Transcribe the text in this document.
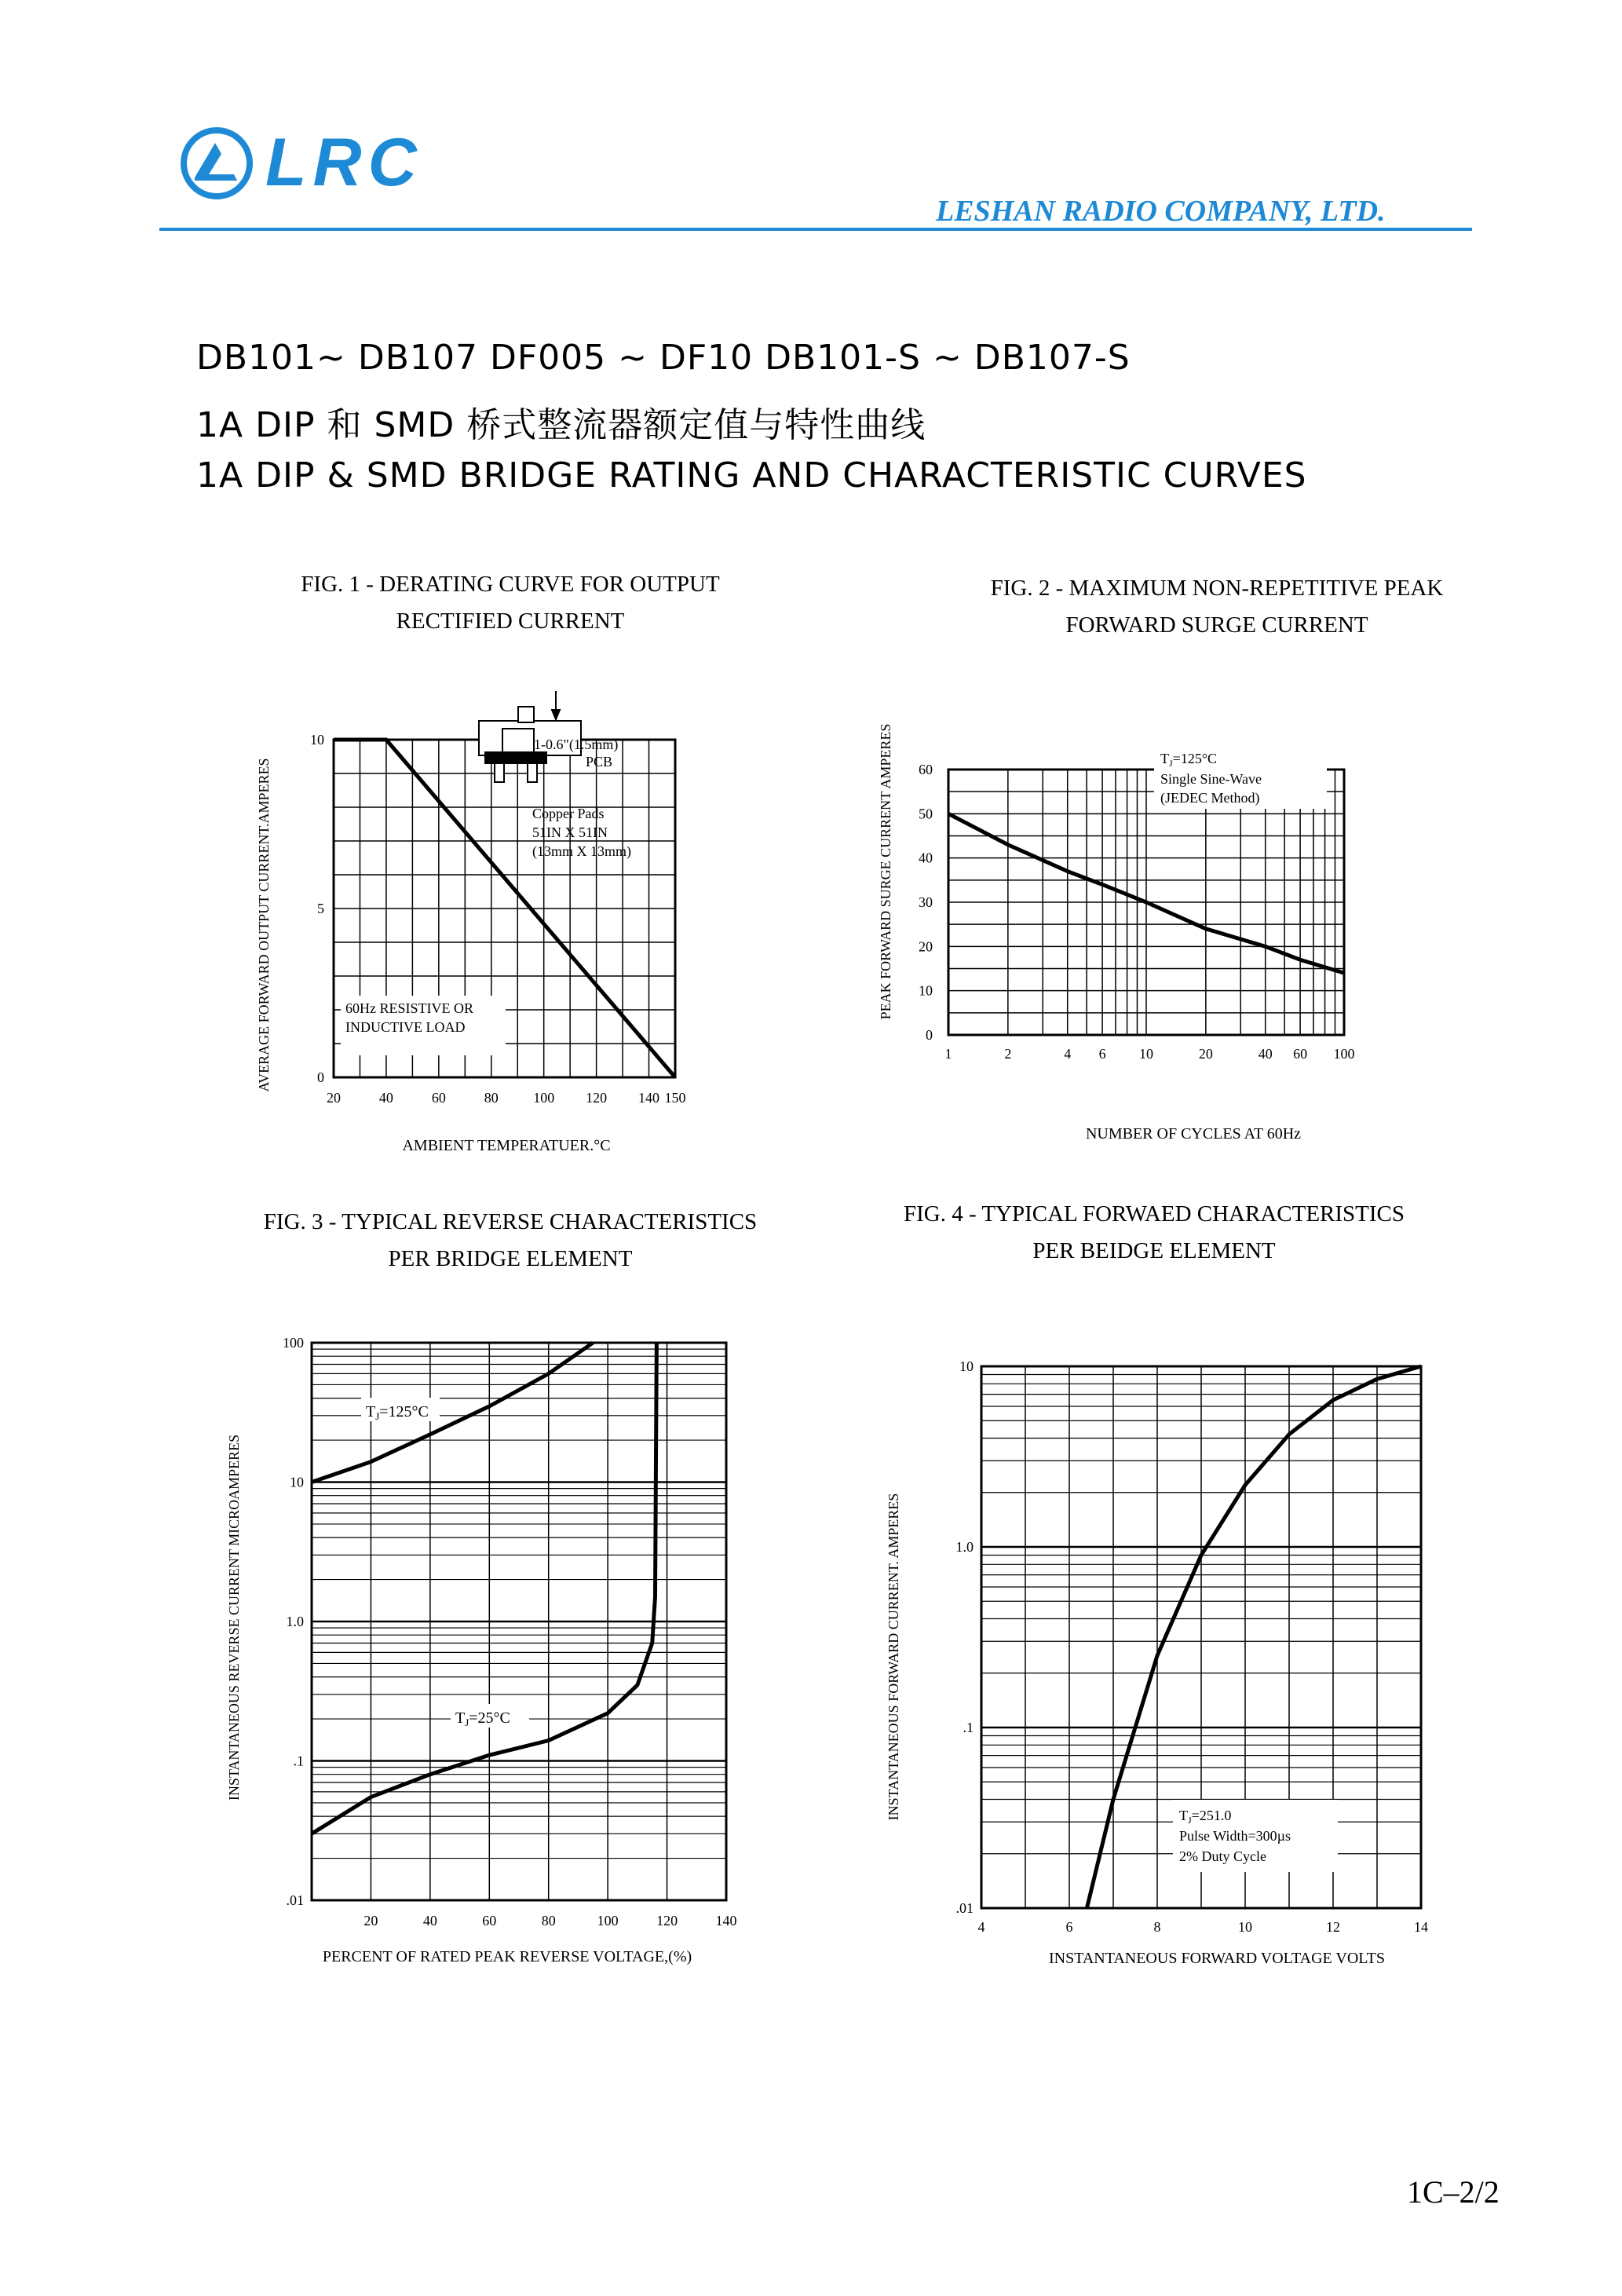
LRC
LESHAN RADIO COMPANY, LTD.
DB101~ DB107 DF005 ~ DF10 DB101-S ~ DB107-S
1A DIP 和 SMD 桥式整流器额定值与特性曲线
1A DIP & SMD BRIDGE RATING AND CHARACTERISTIC CURVES
FIG. 1 - DERATING CURVE FOR OUTPUT
RECTIFIED CURRENT
20	40	60	80 100 120 140 150
0
5
10
AVERAGE FORWARD OUTPUT CURRENT.AMPERES
AMBIENT TEMPERATUER.°C
1-0.6"(1.5mm)
PCB
Copper Pads
51IN X 51IN
(13mm X 13mm)
60Hz RESISTIVE OR
INDUCTIVE LOAD
FIG. 2 - MAXIMUM NON-REPETITIVE PEAK
FORWARD SURGE CURRENT
1	2	4 6 10	20	40 60 100
0
10
20
30
40
50
60
PEAK FORWARD SURGE CURRENT AMPERES
NUMBER OF CYCLES AT 60Hz
$T_J=125^\circ C$
Single Sine-Wave
(JEDEC Method)
FIG. 3 - TYPICAL REVERSE CHARACTERISTICS
PER BRIDGE ELEMENT
20	40	60	80	100	120	140
.01
.1
1.0
10
100
INSTANTANEOUS REVERSE CURRENT MICROAMPERES
PERCENT OF RATED PEAK REVERSE VOLTAGE,(%)
$T_J=125^\circ C$
$T_J=25^\circ C$
FIG. 4 - TYPICAL FORWAED CHARACTERISTICS
PER BEIDGE ELEMENT
4	6	8	10	12	14
.01
.1
1.0
10
INSTANTANEOUS FORWARD CURRENT. AMPERES
INSTANTANEOUS FORWARD VOLTAGE VOLTS
$T_J=251.0$
Pulse Width=300µs
2% Duty Cycle
1C–2/2
